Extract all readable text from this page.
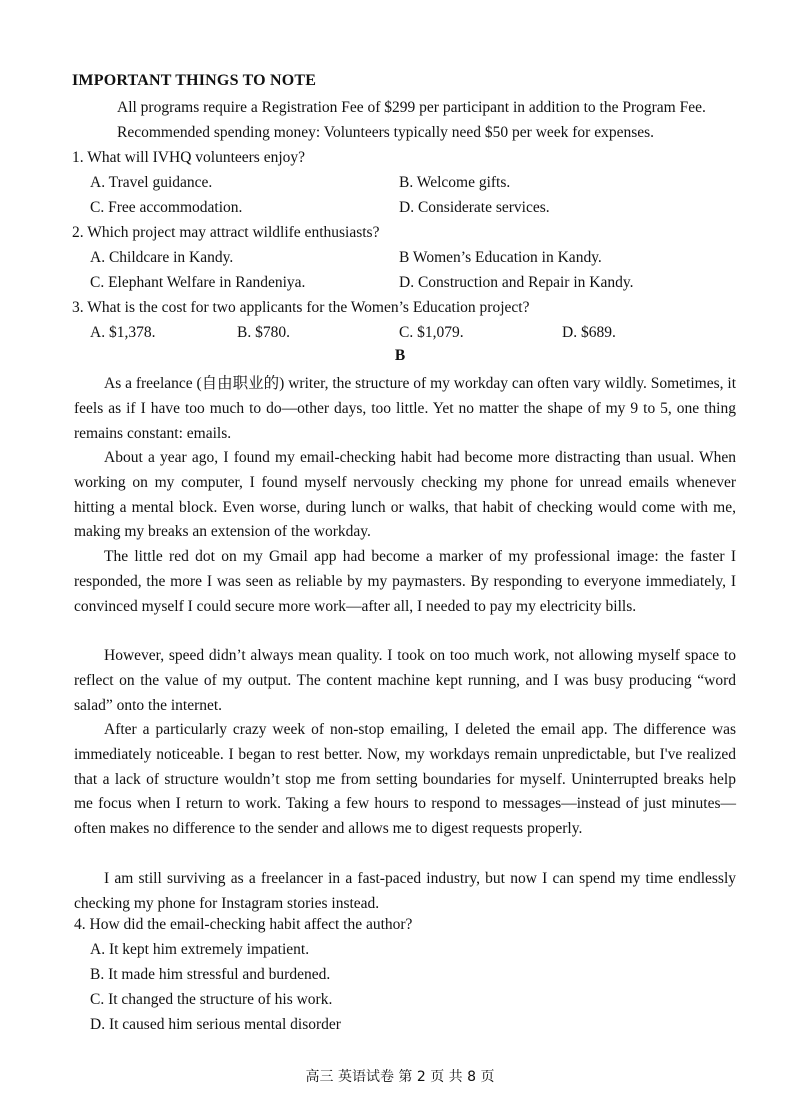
IMPORTANT THINGS TO NOTE
All programs require a Registration Fee of $299 per participant in addition to the Program Fee.
Recommended spending money: Volunteers typically need $50 per week for expenses.
1. What will IVHQ volunteers enjoy?
A. Travel guidance.	B. Welcome gifts.
C. Free accommodation.	D. Considerate services.
2. Which project may attract wildlife enthusiasts?
A. Childcare in Kandy.	B Women’s Education in Kandy.
C. Elephant Welfare in Randeniya.	D. Construction and Repair in Kandy.
3. What is the cost for two applicants for the Women’s Education project?
A. $1,378.	B. $780.	C. $1,079.	D. $689.
B
As a freelance (自由职业的) writer, the structure of my workday can often vary wildly. Sometimes, it feels as if I have too much to do—other days, too little. Yet no matter the shape of my 9 to 5, one thing remains constant: emails.
About a year ago, I found my email-checking habit had become more distracting than usual. When working on my computer, I found myself nervously checking my phone for unread emails whenever hitting a mental block. Even worse, during lunch or walks, that habit of checking would come with me, making my breaks an extension of the workday.
The little red dot on my Gmail app had become a marker of my professional image: the faster I responded, the more I was seen as reliable by my paymasters. By responding to everyone immediately, I convinced myself I could secure more work—after all, I needed to pay my electricity bills.
However, speed didn’t always mean quality. I took on too much work, not allowing myself space to reflect on the value of my output. The content machine kept running, and I was busy producing “word salad” onto the internet.
After a particularly crazy week of non-stop emailing, I deleted the email app. The difference was immediately noticeable. I began to rest better. Now, my workdays remain unpredictable, but I've realized that a lack of structure wouldn’t stop me from setting boundaries for myself. Uninterrupted breaks help me focus when I return to work. Taking a few hours to respond to messages—instead of just minutes—often makes no difference to the sender and allows me to digest requests properly.
I am still surviving as a freelancer in a fast-paced industry, but now I can spend my time endlessly checking my phone for Instagram stories instead.
4. How did the email-checking habit affect the author?
A. It kept him extremely impatient.
B. It made him stressful and burdened.
C. It changed the structure of his work.
D. It caused him serious mental disorder
高三 英语试卷 第 2 页 共 8 页
